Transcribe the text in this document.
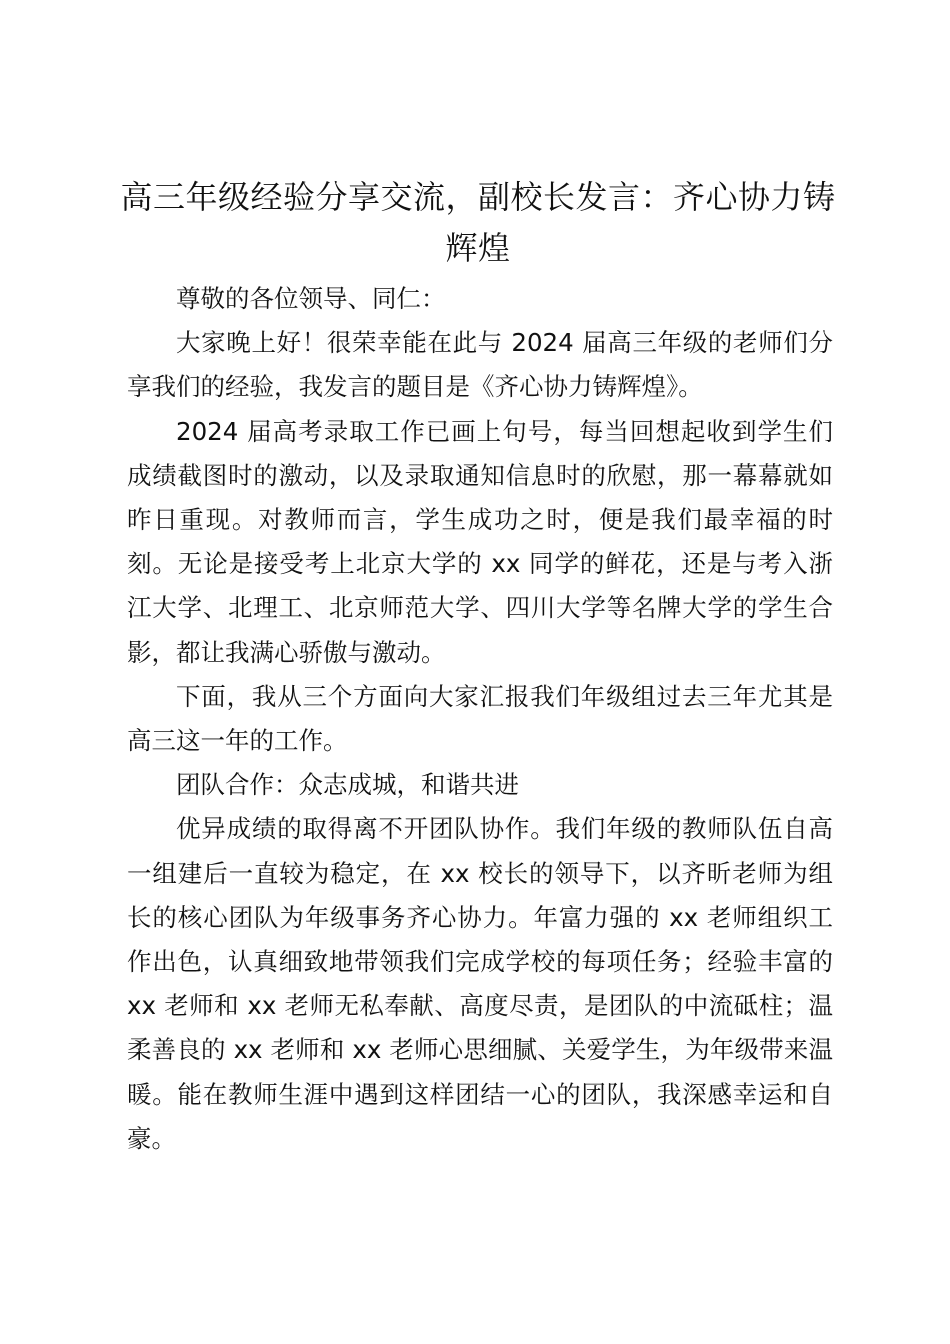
高三年级经验分享交流，副校长发言：齐心协力铸辉煌

尊敬的各位领导、同仁：

大家晚上好！很荣幸能在此与 2024 届高三年级的老师们分享我们的经验，我发言的题目是《齐心协力铸辉煌》。

2024 届高考录取工作已画上句号，每当回想起收到学生们成绩截图时的激动，以及录取通知信息时的欣慰，那一幕幕就如昨日重现。对教师而言，学生成功之时，便是我们最幸福的时刻。无论是接受考上北京大学的 xx 同学的鲜花，还是与考入浙江大学、北理工、北京师范大学、四川大学等名牌大学的学生合影，都让我满心骄傲与激动。

下面，我从三个方面向大家汇报我们年级组过去三年尤其是高三这一年的工作。

团队合作：众志成城，和谐共进

优异成绩的取得离不开团队协作。我们年级的教师队伍自高一组建后一直较为稳定，在 xx 校长的领导下，以齐昕老师为组长的核心团队为年级事务齐心协力。年富力强的 xx 老师组织工作出色，认真细致地带领我们完成学校的每项任务；经验丰富的 xx 老师和 xx 老师无私奉献、高度尽责，是团队的中流砥柱；温柔善良的 xx 老师和 xx 老师心思细腻、关爱学生，为年级带来温暖。能在教师生涯中遇到这样团结一心的团队，我深感幸运和自豪。
